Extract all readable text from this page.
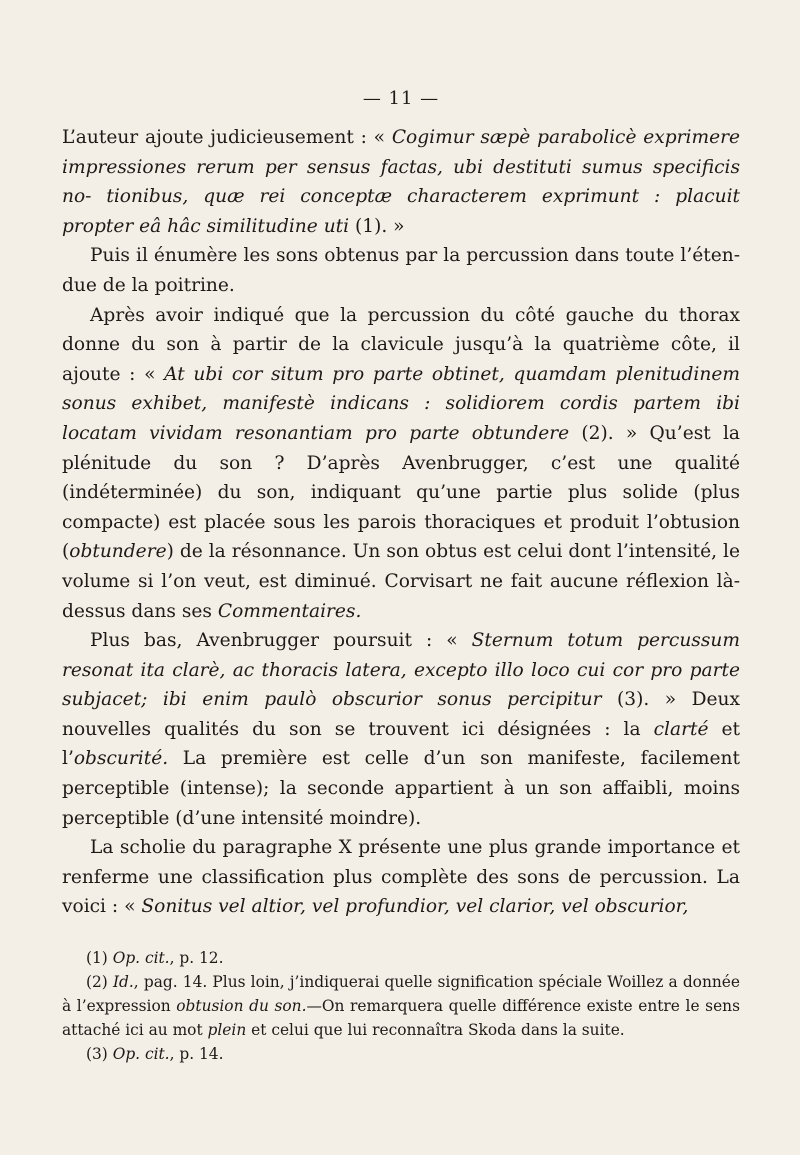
— 11 —

L’auteur ajoute judicieusement : « Cogimur sæpè parabolicè exprimere impressiones rerum per sensus factas, ubi destituti sumus specificis no- tionibus, quæ rei conceptæ characterem exprimunt : placuit propter eâ hâc similitudine uti (1). »

Puis il énumère les sons obtenus par la percussion dans toute l’éten- due de la poitrine.

Après avoir indiqué que la percussion du côté gauche du thorax donne du son à partir de la clavicule jusqu’à la quatrième côte, il ajoute : « At ubi cor situm pro parte obtinet, quamdam plenitudinem sonus exhibet, manifestè indicans : solidiorem cordis partem ibi locatam vividam resonantiam pro parte obtundere (2). » Qu’est la plénitude du son ? D’après Avenbrugger, c’est une qualité (indéterminée) du son, indiquant qu’une partie plus solide (plus compacte) est placée sous les parois thoraciques et produit l’obtusion (obtundere) de la résonnance. Un son obtus est celui dont l’intensité, le volume si l’on veut, est diminué. Corvisart ne fait aucune réflexion là-dessus dans ses Commentaires.

Plus bas, Avenbrugger poursuit : « Sternum totum percussum resonat ita clarè, ac thoracis latera, excepto illo loco cui cor pro parte subjacet; ibi enim paulò obscurior sonus percipitur (3). » Deux nouvelles qualités du son se trouvent ici désignées : la clarté et l’obscurité. La première est celle d’un son manifeste, facilement perceptible (intense); la seconde appartient à un son affaibli, moins perceptible (d’une intensité moindre).

La scholie du paragraphe X présente une plus grande importance et renferme une classification plus complète des sons de percussion. La voici : « Sonitus vel altior, vel profundior, vel clarior, vel obscurior,

(1) Op. cit., p. 12.

(2) Id., pag. 14. Plus loin, j’indiquerai quelle signification spéciale Woillez a donnée à l’expression obtusion du son.—On remarquera quelle différence existe entre le sens attaché ici au mot plein et celui que lui reconnaîtra Skoda dans la suite.

(3) Op. cit., p. 14.
